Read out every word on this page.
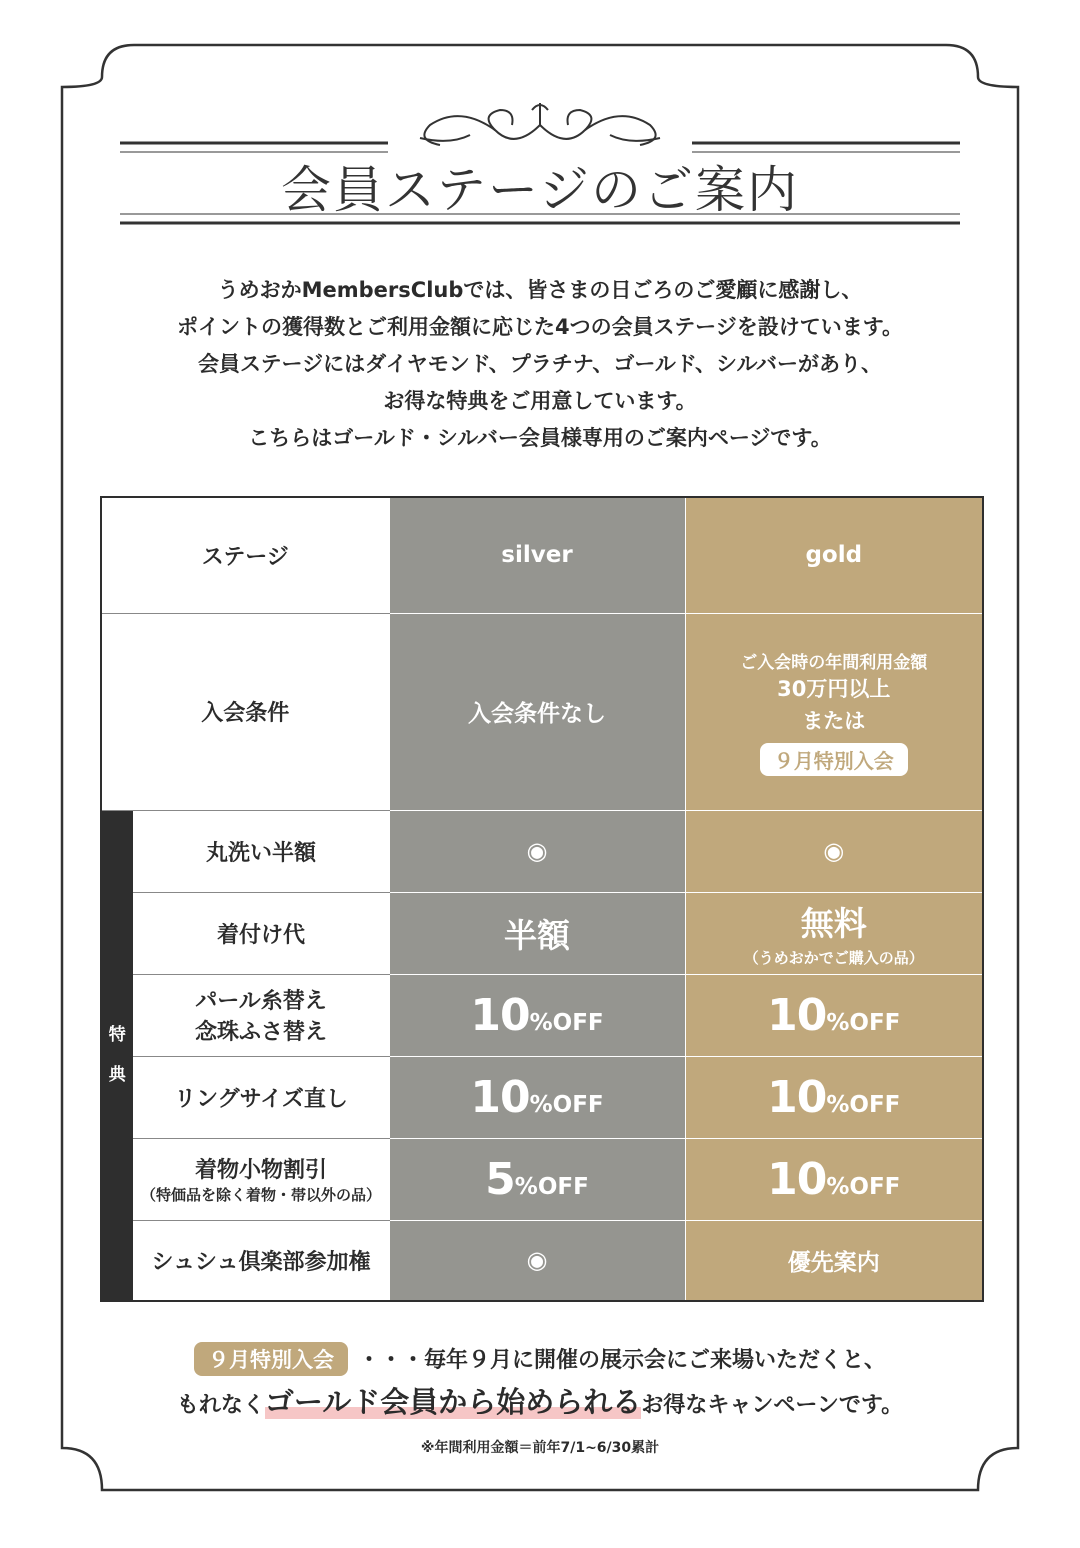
会員ステージのご案内
うめおかMembersClubでは、皆さまの日ごろのご愛顧に感謝し、
ポイントの獲得数とご利用金額に応じた4つの会員ステージを設けています。
会員ステージにはダイヤモンド、プラチナ、ゴールド、シルバーがあり、
お得な特典をご用意しています。
こちらはゴールド・シルバー会員様専用のご案内ページです。
ステージ		silver	gold
入会条件		入会条件なし	ご入会時の年間利用金額
30万円以上
または
９月特別入会
特
典	丸洗い半額	◉	◉
	着付け代	半額	無料
（うめおかでご購入の品）

	パール糸替え
念珠ふさ替え	10%OFF	10%OFF
	リングサイズ直し	10%OFF	10%OFF
	着物小物割引
（特価品を除く着物・帯以外の品）	5%OFF	10%OFF
	シュシュ倶楽部参加権	◉	優先案内
９月特別入会 ・・・毎年９月に開催の展示会にご来場いただくと、
もれなくゴールド会員から始められるお得なキャンペーンです。
※年間利用金額＝前年7/1~6/30累計
